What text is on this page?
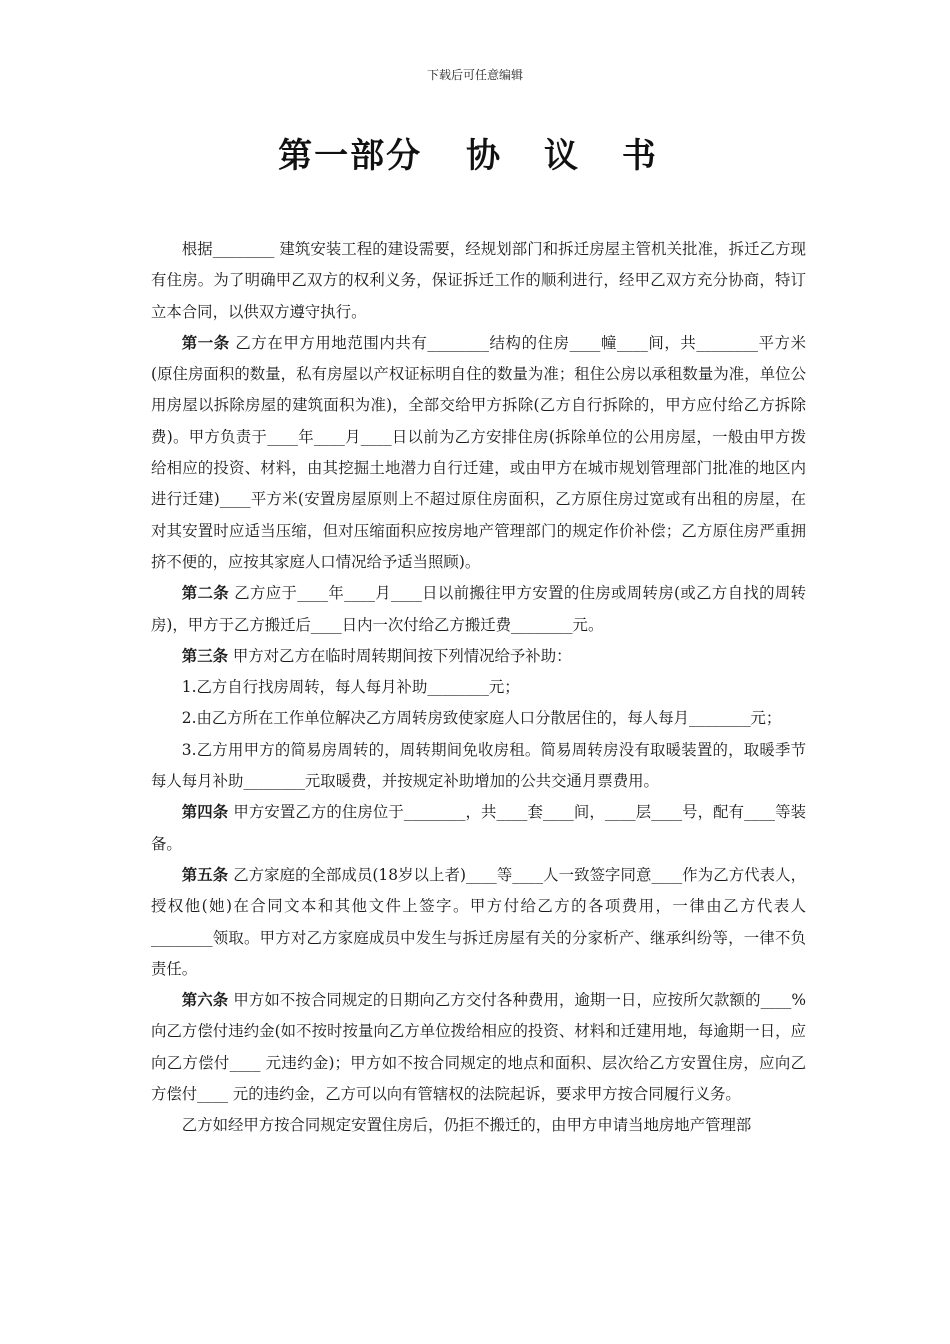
下载后可任意编辑
第一部分 协 议 书

根据________ 建筑安装工程的建设需要，经规划部门和拆迁房屋主管机关批准，拆迁乙方现有住房。为了明确甲乙双方的权利义务，保证拆迁工作的顺利进行，经甲乙双方充分协商，特订立本合同，以供双方遵守执行。

第一条 乙方在甲方用地范围内共有________结构的住房____幢____间，共________平方米(原住房面积的数量，私有房屋以产权证标明自住的数量为准；租住公房以承租数量为准，单位公用房屋以拆除房屋的建筑面积为准)，全部交给甲方拆除(乙方自行拆除的，甲方应付给乙方拆除费)。甲方负责于____年____月____日以前为乙方安排住房(拆除单位的公用房屋，一般由甲方拨给相应的投资、材料，由其挖掘土地潜力自行迁建，或由甲方在城市规划管理部门批准的地区内进行迁建)____平方米(安置房屋原则上不超过原住房面积，乙方原住房过宽或有出租的房屋，在对其安置时应适当压缩，但对压缩面积应按房地产管理部门的规定作价补偿；乙方原住房严重拥挤不便的，应按其家庭人口情况给予适当照顾)。

第二条 乙方应于____年____月____日以前搬往甲方安置的住房或周转房(或乙方自找的周转房)，甲方于乙方搬迁后____日内一次付给乙方搬迁费________元。

第三条 甲方对乙方在临时周转期间按下列情况给予补助：

1.乙方自行找房周转，每人每月补助________元；

2.由乙方所在工作单位解决乙方周转房致使家庭人口分散居住的，每人每月________元；

3.乙方用甲方的简易房周转的，周转期间免收房租。简易周转房没有取暖装置的，取暖季节每人每月补助________元取暖费，并按规定补助增加的公共交通月票费用。

第四条 甲方安置乙方的住房位于________，共____套____间，____层____号，配有____等装备。

第五条 乙方家庭的全部成员(18岁以上者)____等____人一致签字同意____作为乙方代表人，授权他(她)在合同文本和其他文件上签字。甲方付给乙方的各项费用，一律由乙方代表人________领取。甲方对乙方家庭成员中发生与拆迁房屋有关的分家析产、继承纠纷等，一律不负责任。

第六条 甲方如不按合同规定的日期向乙方交付各种费用，逾期一日，应按所欠款额的____%向乙方偿付违约金(如不按时按量向乙方单位拨给相应的投资、材料和迁建用地，每逾期一日，应向乙方偿付____ 元违约金)；甲方如不按合同规定的地点和面积、层次给乙方安置住房，应向乙方偿付____ 元的违约金，乙方可以向有管辖权的法院起诉，要求甲方按合同履行义务。

乙方如经甲方按合同规定安置住房后，仍拒不搬迁的，由甲方申请当地房地产管理部
